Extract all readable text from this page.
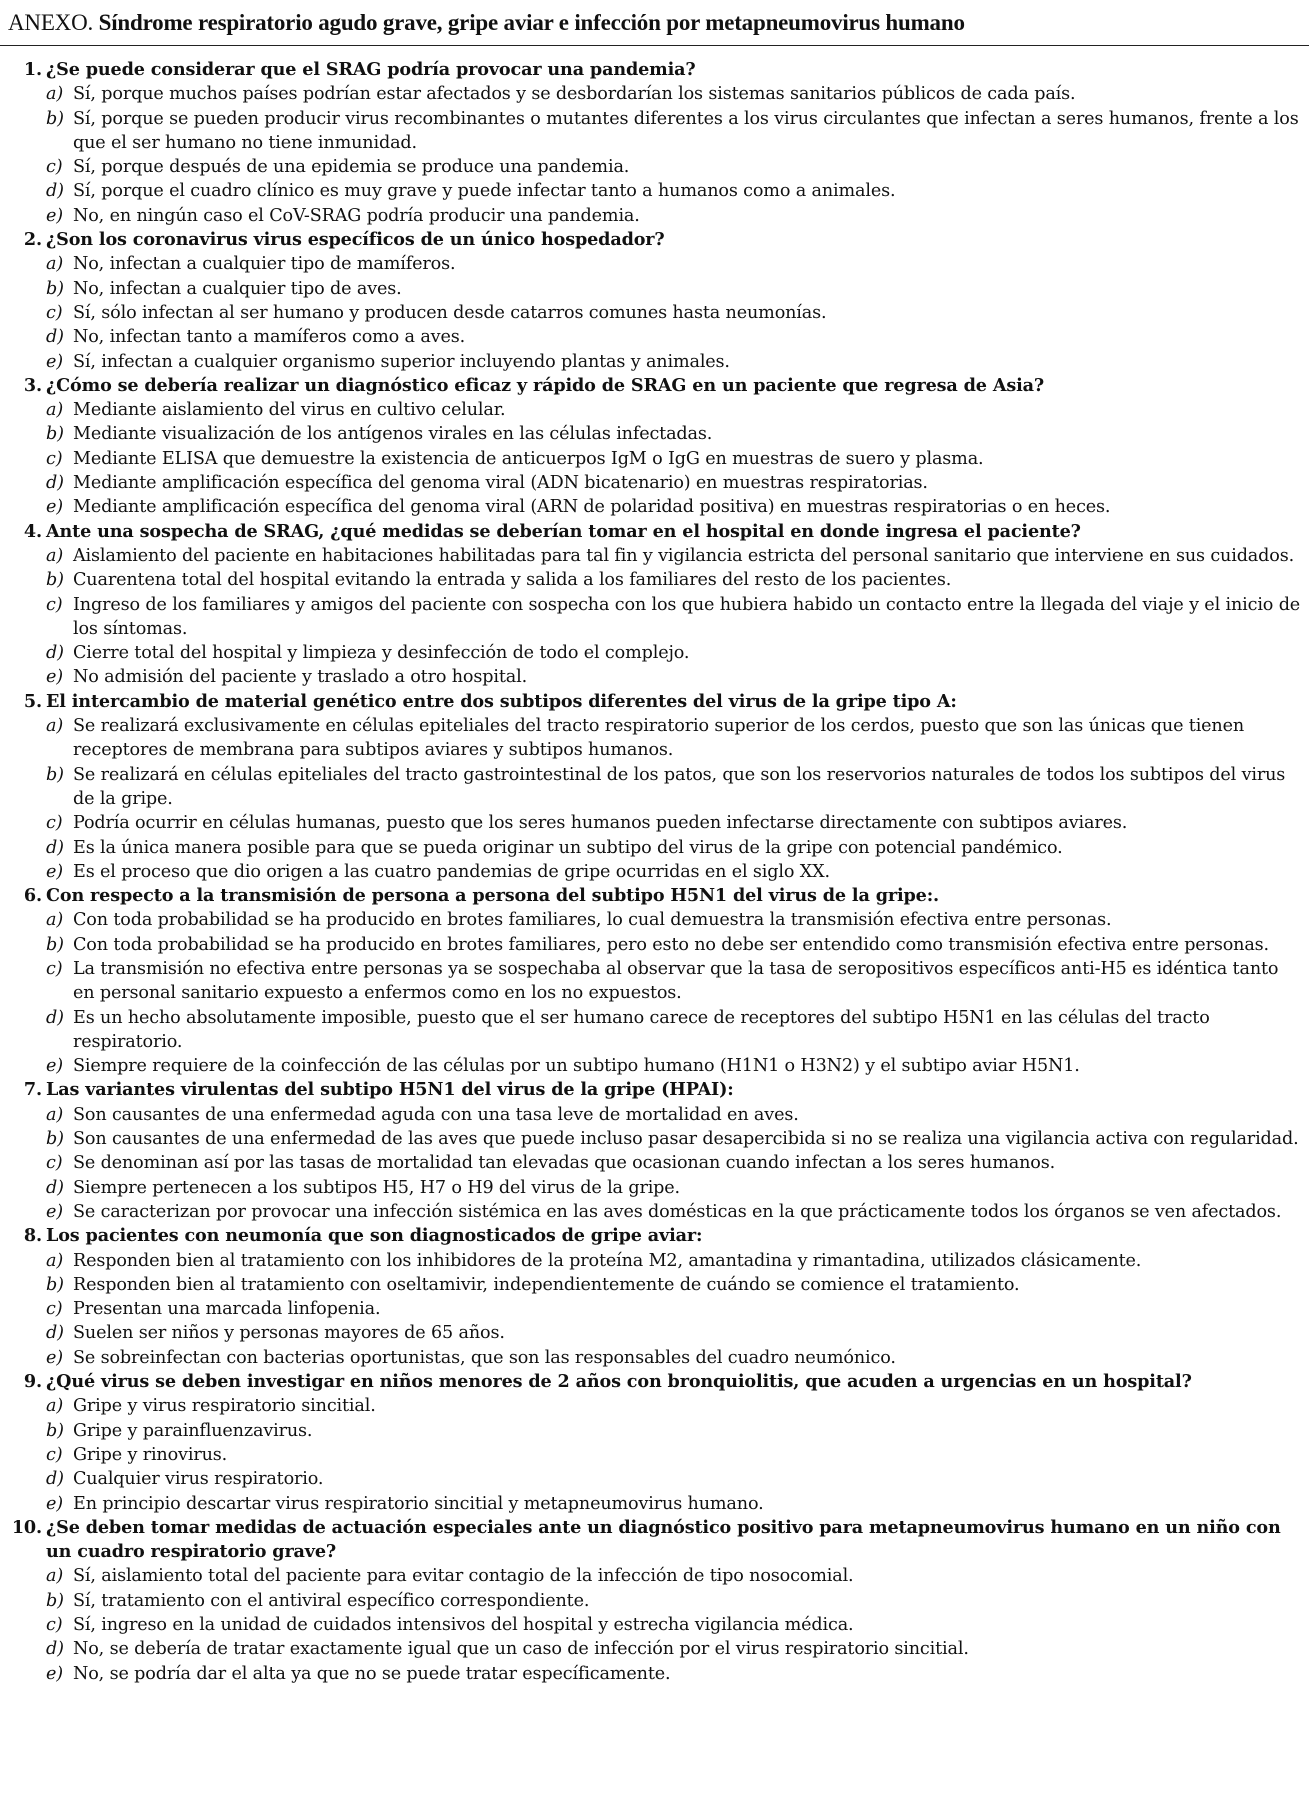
ANEXO. Síndrome respiratorio agudo grave, gripe aviar e infección por metapneumovirus humano
1. ¿Se puede considerar que el SRAG podría provocar una pandemia?
a) Sí, porque muchos países podrían estar afectados y se desbordarían los sistemas sanitarios públicos de cada país.
b) Sí, porque se pueden producir virus recombinantes o mutantes diferentes a los virus circulantes que infectan a seres humanos, frente a los que el ser humano no tiene inmunidad.
c) Sí, porque después de una epidemia se produce una pandemia.
d) Sí, porque el cuadro clínico es muy grave y puede infectar tanto a humanos como a animales.
e) No, en ningún caso el CoV-SRAG podría producir una pandemia.
2. ¿Son los coronavirus virus específicos de un único hospedador?
a) No, infectan a cualquier tipo de mamíferos.
b) No, infectan a cualquier tipo de aves.
c) Sí, sólo infectan al ser humano y producen desde catarros comunes hasta neumonías.
d) No, infectan tanto a mamíferos como a aves.
e) Sí, infectan a cualquier organismo superior incluyendo plantas y animales.
3. ¿Cómo se debería realizar un diagnóstico eficaz y rápido de SRAG en un paciente que regresa de Asia?
a) Mediante aislamiento del virus en cultivo celular.
b) Mediante visualización de los antígenos virales en las células infectadas.
c) Mediante ELISA que demuestre la existencia de anticuerpos IgM o IgG en muestras de suero y plasma.
d) Mediante amplificación específica del genoma viral (ADN bicatenario) en muestras respiratorias.
e) Mediante amplificación específica del genoma viral (ARN de polaridad positiva) en muestras respiratorias o en heces.
4. Ante una sospecha de SRAG, ¿qué medidas se deberían tomar en el hospital en donde ingresa el paciente?
a) Aislamiento del paciente en habitaciones habilitadas para tal fin y vigilancia estricta del personal sanitario que interviene en sus cuidados.
b) Cuarentena total del hospital evitando la entrada y salida a los familiares del resto de los pacientes.
c) Ingreso de los familiares y amigos del paciente con sospecha con los que hubiera habido un contacto entre la llegada del viaje y el inicio de los síntomas.
d) Cierre total del hospital y limpieza y desinfección de todo el complejo.
e) No admisión del paciente y traslado a otro hospital.
5. El intercambio de material genético entre dos subtipos diferentes del virus de la gripe tipo A:
a) Se realizará exclusivamente en células epiteliales del tracto respiratorio superior de los cerdos, puesto que son las únicas que tienen receptores de membrana para subtipos aviares y subtipos humanos.
b) Se realizará en células epiteliales del tracto gastrointestinal de los patos, que son los reservorios naturales de todos los subtipos del virus de la gripe.
c) Podría ocurrir en células humanas, puesto que los seres humanos pueden infectarse directamente con subtipos aviares.
d) Es la única manera posible para que se pueda originar un subtipo del virus de la gripe con potencial pandémico.
e) Es el proceso que dio origen a las cuatro pandemias de gripe ocurridas en el siglo XX.
6. Con respecto a la transmisión de persona a persona del subtipo H5N1 del virus de la gripe:.
a) Con toda probabilidad se ha producido en brotes familiares, lo cual demuestra la transmisión efectiva entre personas.
b) Con toda probabilidad se ha producido en brotes familiares, pero esto no debe ser entendido como transmisión efectiva entre personas.
c) La transmisión no efectiva entre personas ya se sospechaba al observar que la tasa de seropositivos específicos anti-H5 es idéntica tanto en personal sanitario expuesto a enfermos como en los no expuestos.
d) Es un hecho absolutamente imposible, puesto que el ser humano carece de receptores del subtipo H5N1 en las células del tracto respiratorio.
e) Siempre requiere de la coinfección de las células por un subtipo humano (H1N1 o H3N2) y el subtipo aviar H5N1.
7. Las variantes virulentas del subtipo H5N1 del virus de la gripe (HPAI):
a) Son causantes de una enfermedad aguda con una tasa leve de mortalidad en aves.
b) Son causantes de una enfermedad de las aves que puede incluso pasar desapercibida si no se realiza una vigilancia activa con regularidad.
c) Se denominan así por las tasas de mortalidad tan elevadas que ocasionan cuando infectan a los seres humanos.
d) Siempre pertenecen a los subtipos H5, H7 o H9 del virus de la gripe.
e) Se caracterizan por provocar una infección sistémica en las aves domésticas en la que prácticamente todos los órganos se ven afectados.
8. Los pacientes con neumonía que son diagnosticados de gripe aviar:
a) Responden bien al tratamiento con los inhibidores de la proteína M2, amantadina y rimantadina, utilizados clásicamente.
b) Responden bien al tratamiento con oseltamivir, independientemente de cuándo se comience el tratamiento.
c) Presentan una marcada linfopenia.
d) Suelen ser niños y personas mayores de 65 años.
e) Se sobreinfectan con bacterias oportunistas, que son las responsables del cuadro neumónico.
9. ¿Qué virus se deben investigar en niños menores de 2 años con bronquiolitis, que acuden a urgencias en un hospital?
a) Gripe y virus respiratorio sincitial.
b) Gripe y parainfluenzavirus.
c) Gripe y rinovirus.
d) Cualquier virus respiratorio.
e) En principio descartar virus respiratorio sincitial y metapneumovirus humano.
10. ¿Se deben tomar medidas de actuación especiales ante un diagnóstico positivo para metapneumovirus humano en un niño con un cuadro respiratorio grave?
a) Sí, aislamiento total del paciente para evitar contagio de la infección de tipo nosocomial.
b) Sí, tratamiento con el antiviral específico correspondiente.
c) Sí, ingreso en la unidad de cuidados intensivos del hospital y estrecha vigilancia médica.
d) No, se debería de tratar exactamente igual que un caso de infección por el virus respiratorio sincitial.
e) No, se podría dar el alta ya que no se puede tratar específicamente.
